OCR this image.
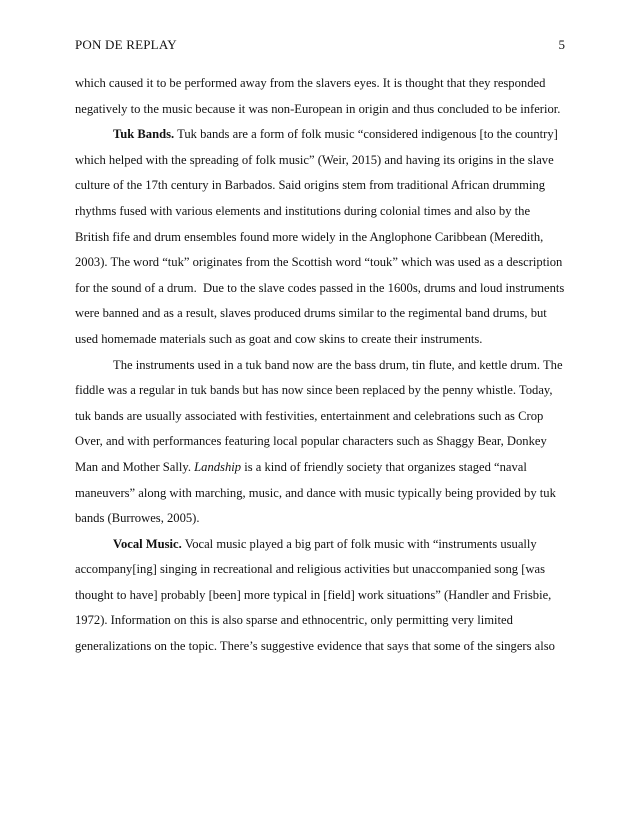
PON DE REPLAY	5
which caused it to be performed away from the slavers eyes. It is thought that they responded
negatively to the music because it was non-European in origin and thus concluded to be inferior.
Tuk Bands. Tuk bands are a form of folk music “considered indigenous [to the country]
which helped with the spreading of folk music” (Weir, 2015) and having its origins in the slave
culture of the 17th century in Barbados. Said origins stem from traditional African drumming
rhythms fused with various elements and institutions during colonial times and also by the
British fife and drum ensembles found more widely in the Anglophone Caribbean (Meredith,
2003). The word “tuk” originates from the Scottish word “touk” which was used as a description
for the sound of a drum.  Due to the slave codes passed in the 1600s, drums and loud instruments
were banned and as a result, slaves produced drums similar to the regimental band drums, but
used homemade materials such as goat and cow skins to create their instruments.
The instruments used in a tuk band now are the bass drum, tin flute, and kettle drum. The
fiddle was a regular in tuk bands but has now since been replaced by the penny whistle. Today,
tuk bands are usually associated with festivities, entertainment and celebrations such as Crop
Over, and with performances featuring local popular characters such as Shaggy Bear, Donkey
Man and Mother Sally. Landship is a kind of friendly society that organizes staged “naval
maneuvers” along with marching, music, and dance with music typically being provided by tuk
bands (Burrowes, 2005).
Vocal Music. Vocal music played a big part of folk music with “instruments usually
accompany[ing] singing in recreational and religious activities but unaccompanied song [was
thought to have] probably [been] more typical in [field] work situations” (Handler and Frisbie,
1972). Information on this is also sparse and ethnocentric, only permitting very limited
generalizations on the topic. There’s suggestive evidence that says that some of the singers also
